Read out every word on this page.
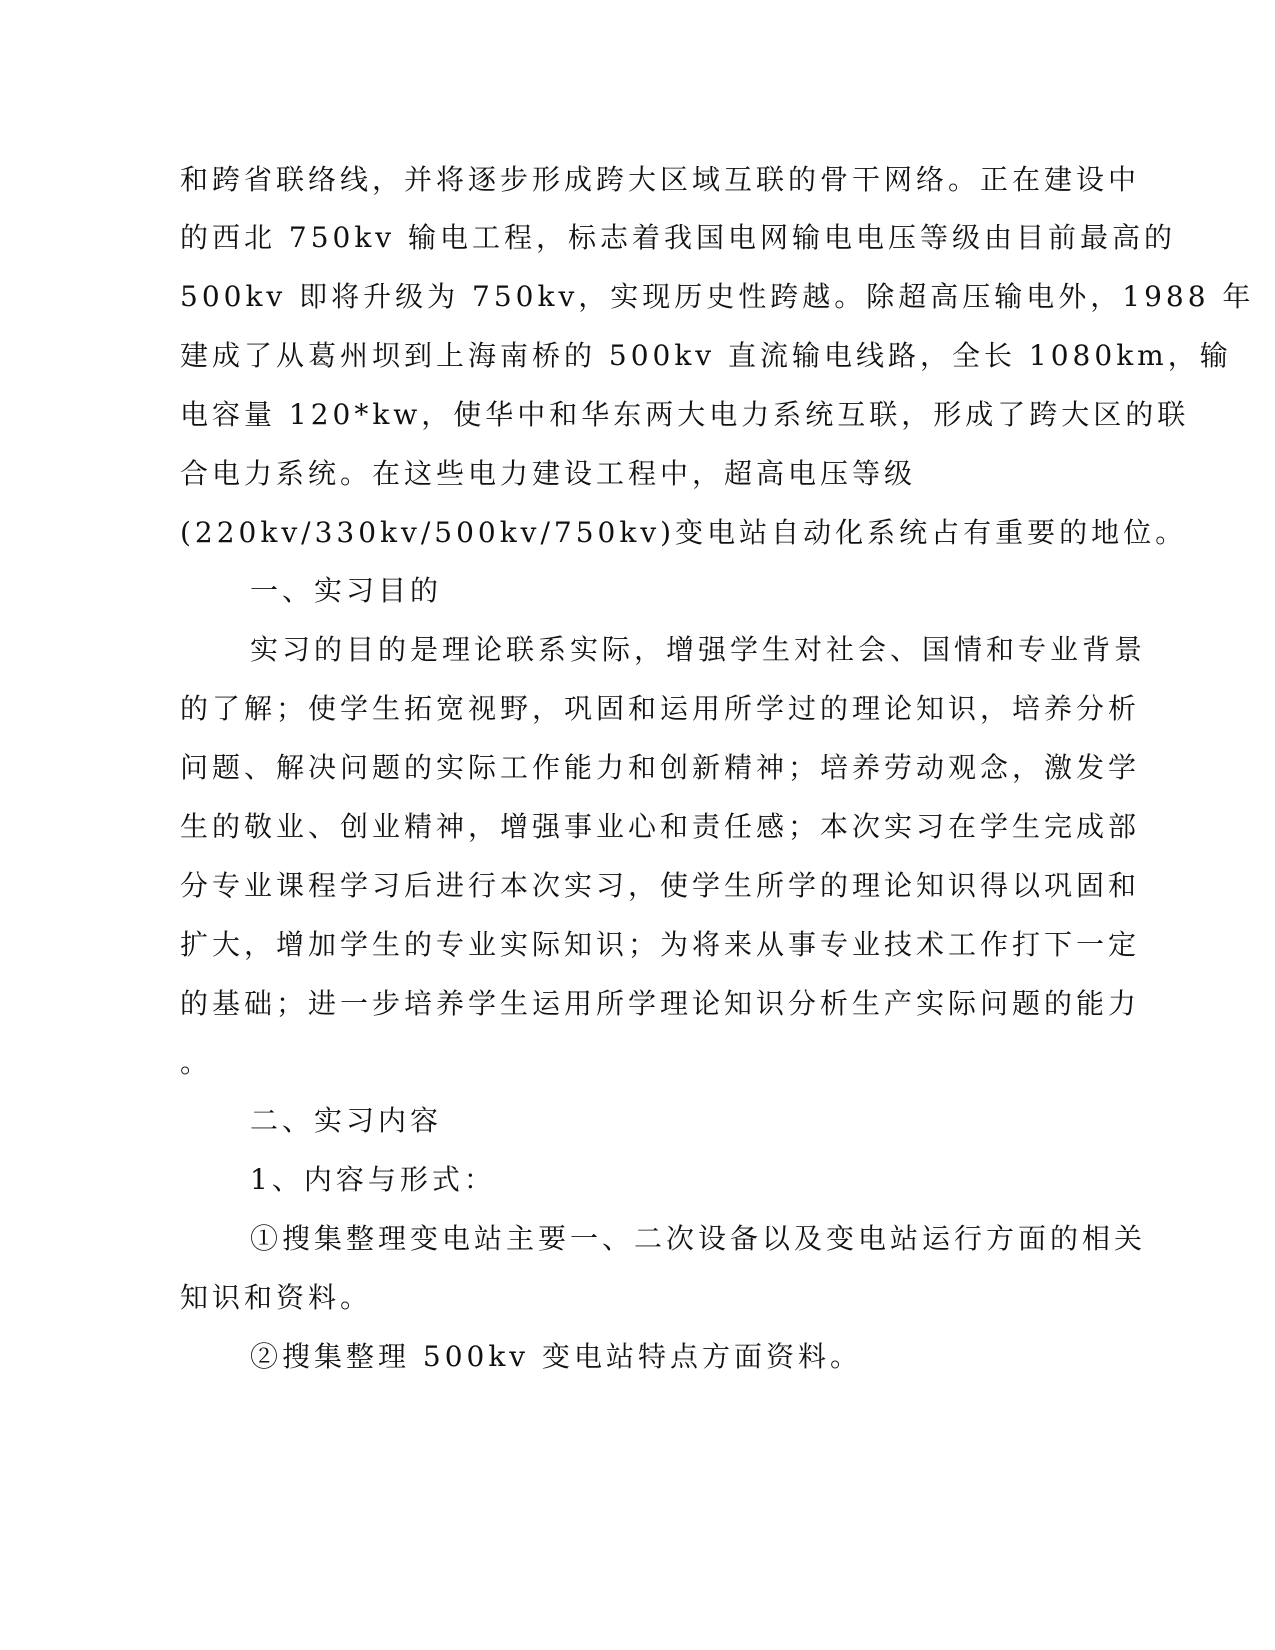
和跨省联络线，并将逐步形成跨大区域互联的骨干网络。正在建设中

的西北 750kv 输电工程，标志着我国电网输电电压等级由目前最高的

500kv 即将升级为 750kv，实现历史性跨越。除超高压输电外，1988 年

建成了从葛州坝到上海南桥的 500kv 直流输电线路，全长 1080km，输

电容量 120*kw，使华中和华东两大电力系统互联，形成了跨大区的联

合电力系统。在这些电力建设工程中，超高电压等级

(220kv/330kv/500kv/750kv)变电站自动化系统占有重要的地位。

一、实习目的

实习的目的是理论联系实际，增强学生对社会、国情和专业背景

的了解；使学生拓宽视野，巩固和运用所学过的理论知识，培养分析

问题、解决问题的实际工作能力和创新精神；培养劳动观念，激发学

生的敬业、创业精神，增强事业心和责任感；本次实习在学生完成部

分专业课程学习后进行本次实习，使学生所学的理论知识得以巩固和

扩大，增加学生的专业实际知识；为将来从事专业技术工作打下一定

的基础；进一步培养学生运用所学理论知识分析生产实际问题的能力

。

二、实习内容

1、内容与形式：

①搜集整理变电站主要一、二次设备以及变电站运行方面的相关

知识和资料。

②搜集整理 500kv 变电站特点方面资料。
